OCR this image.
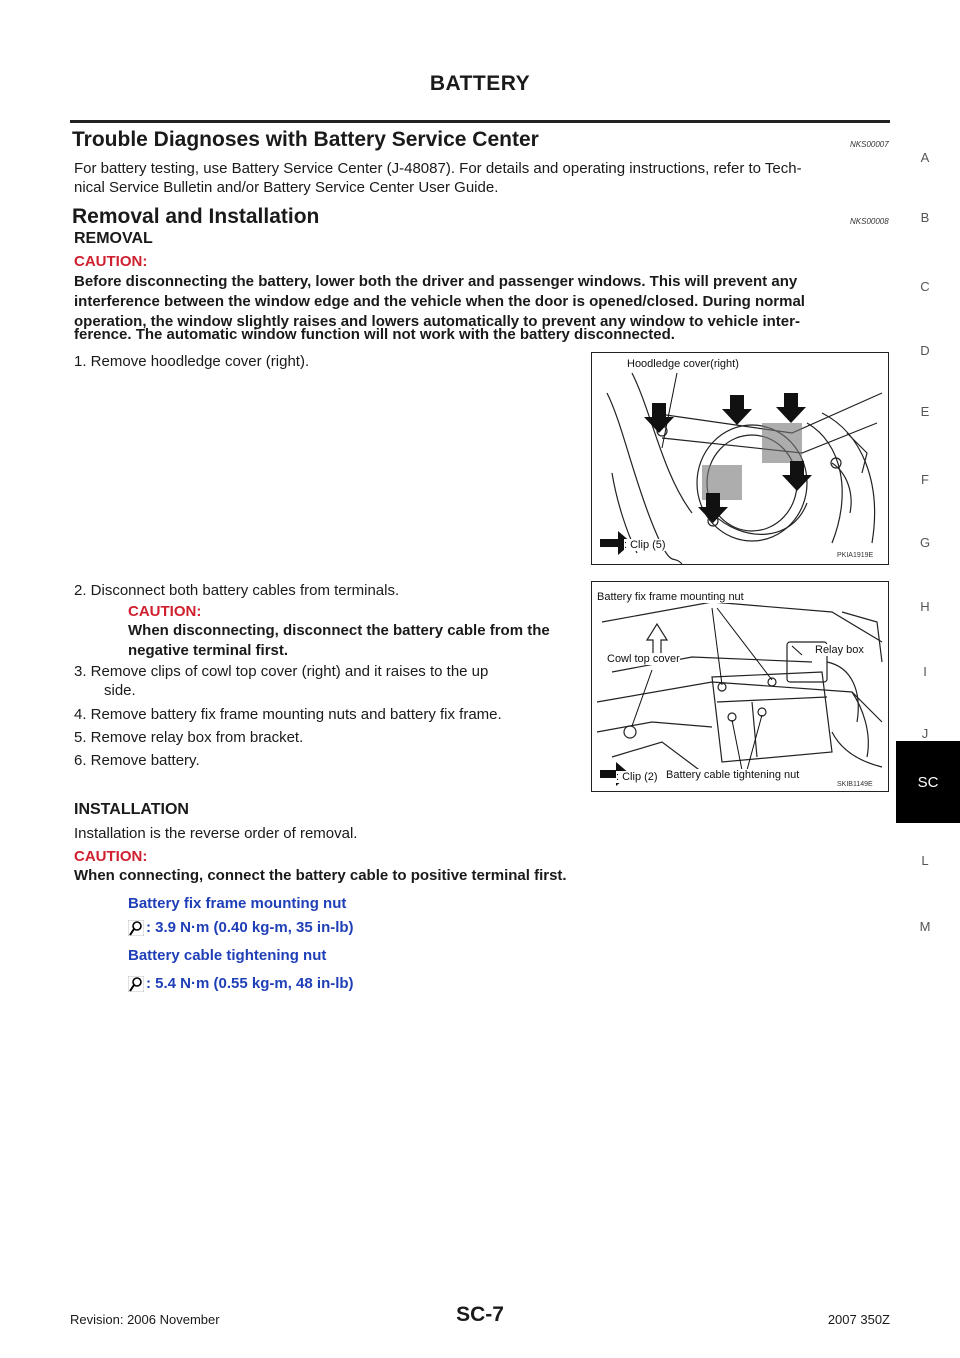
BATTERY
Trouble Diagnoses with Battery Service Center	NKS00007
For battery testing, use Battery Service Center (J-48087). For details and operating instructions, refer to Tech-
nical Service Bulletin and/or Battery Service Center User Guide.
Removal and Installation	NKS00008
REMOVAL
CAUTION:
Before disconnecting the battery, lower both the driver and passenger windows. This will prevent any
interference between the window edge and the vehicle when the door is opened/closed. During normal
operation, the window slightly raises and lowers automatically to prevent any window to vehicle inter-
ference. The automatic window function will not work with the battery disconnected.
1. Remove hoodledge cover (right).	Hoodledge cover(right)
: Clip (5)
PKIA1919E
2. Disconnect both battery cables from terminals.
CAUTION:
When disconnecting, disconnect the battery cable from the
negative terminal first.
3. Remove clips of cowl top cover (right) and it raises to the up
side.
4. Remove battery fix frame mounting nuts and battery fix frame.
5. Remove relay box from bracket.
6. Remove battery.
Battery fix frame mounting nut
Cowl top cover
Relay box
: Clip (2) Battery cable tightening nut
SKIB1149E
INSTALLATION
Installation is the reverse order of removal.
CAUTION:
When connecting, connect the battery cable to positive terminal first.
Battery fix frame mounting nut
: 3.9 N·m (0.40 kg-m, 35 in-lb)
Battery cable tightening nut
: 5.4 N·m (0.55 kg-m, 48 in-lb)
A
B
C
D
E
F
G
H
I
J
SC
L
M
Revision: 2006 November	SC-7	2007 350Z
